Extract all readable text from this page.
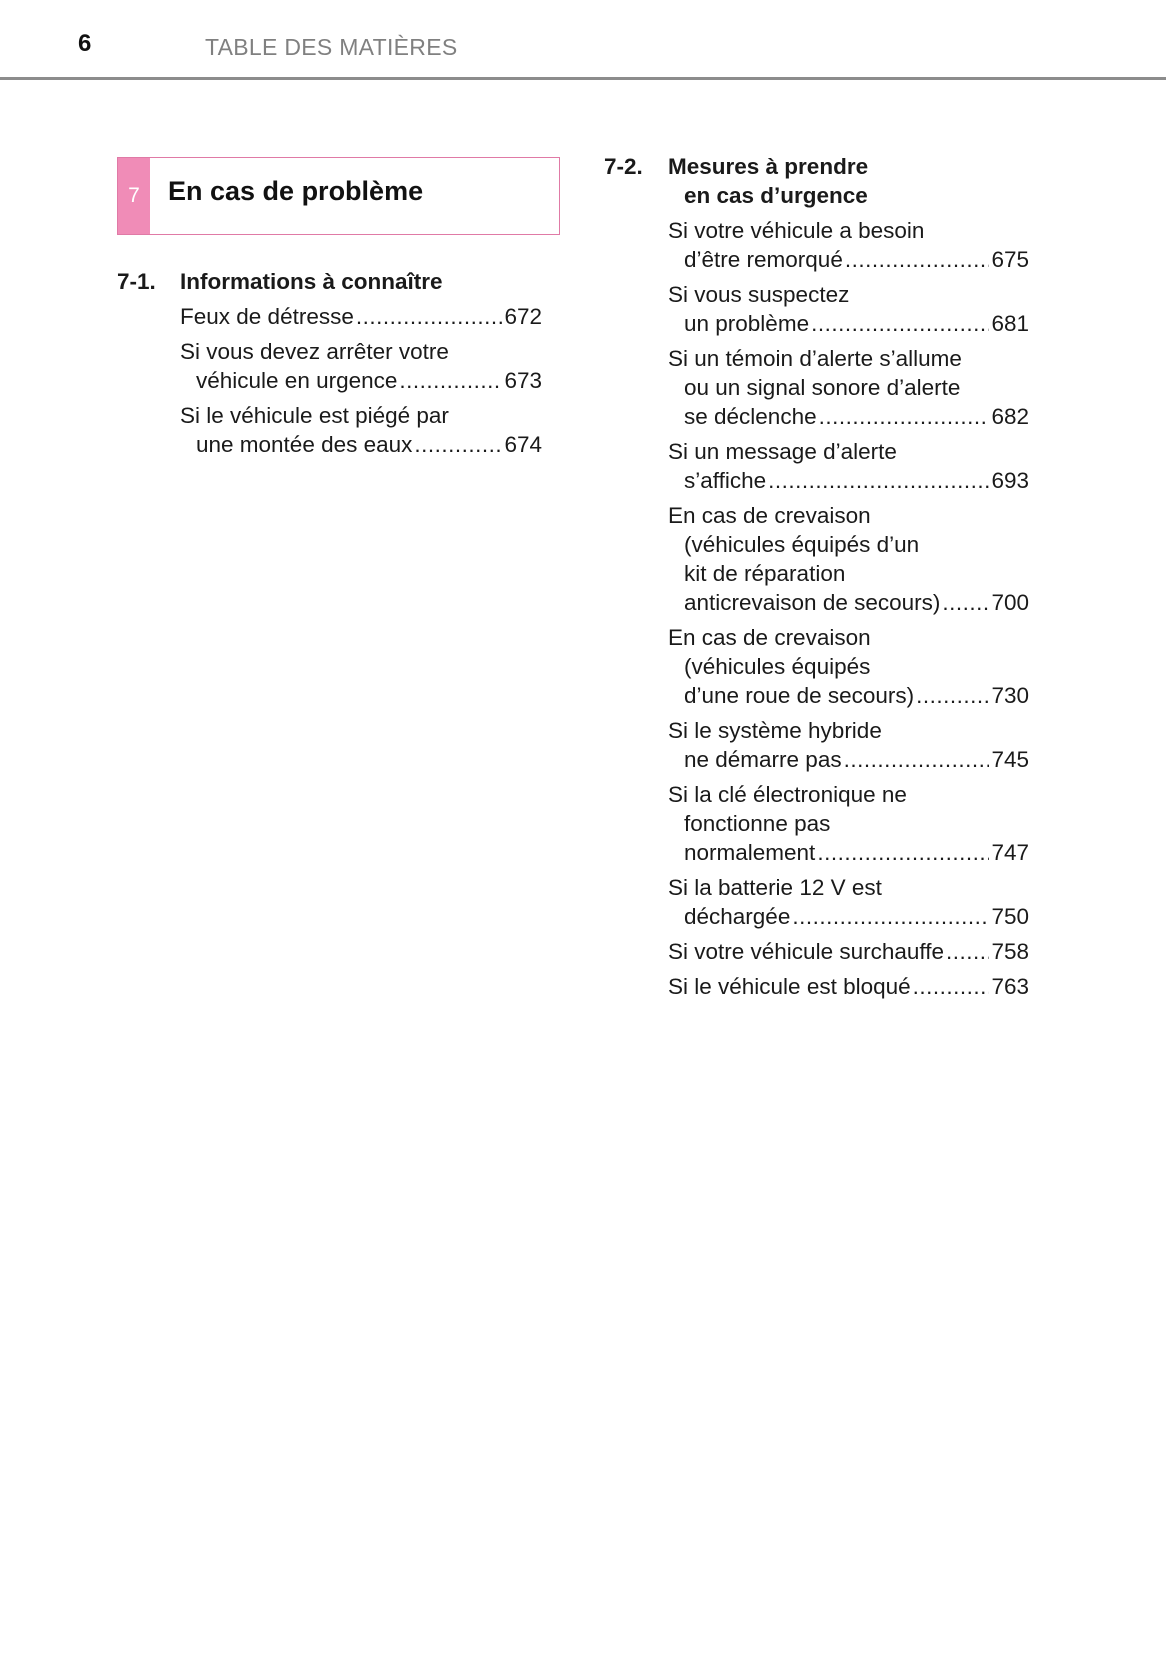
6	TABLE DES MATIÈRES
7	En cas de problème
7-1.	Informations à connaître
Feux de détresse .....	672
Si vous devez arrêter votre
véhicule en urgence .....	673
Si le véhicule est piégé par
une montée des eaux .....	674
7-2.	Mesures à prendre
en cas d’urgence
Si votre véhicule a besoin
d’être remorqué .....	675
Si vous suspectez
un problème .....	681
Si un témoin d’alerte s’allume
ou un signal sonore d’alerte
se déclenche .....	682
Si un message d’alerte
s’affiche .....	693
En cas de crevaison
(véhicules équipés d’un
kit de réparation
anticrevaison de secours) ..... 700
En cas de crevaison
(véhicules équipés
d’une roue de secours) .....	730
Si le système hybride
ne démarre pas .....	745
Si la clé électronique ne
fonctionne pas
normalement .....	747
Si la batterie 12 V est
déchargée .....	750
Si votre véhicule surchauffe ..... 758
Si le véhicule est bloqué .....	763
